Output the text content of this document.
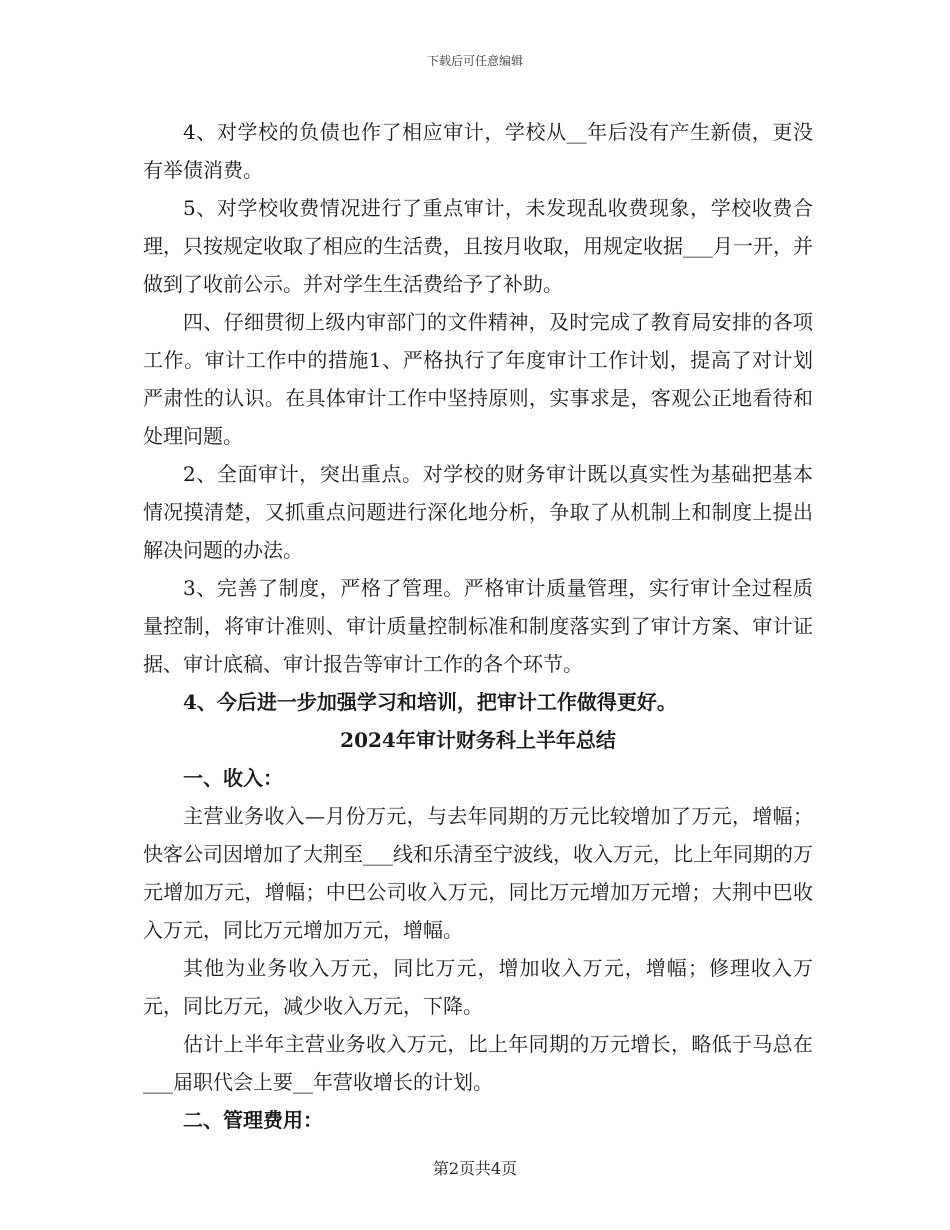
下载后可任意编辑

4、对学校的负债也作了相应审计，学校从__年后没有产生新债，更没有举债消费。

5、对学校收费情况进行了重点审计，未发现乱收费现象，学校收费合理，只按规定收取了相应的生活费，且按月收取，用规定收据___月一开，并做到了收前公示。并对学生生活费给予了补助。

四、仔细贯彻上级内审部门的文件精神，及时完成了教育局安排的各项工作。审计工作中的措施1、严格执行了年度审计工作计划，提高了对计划严肃性的认识。在具体审计工作中坚持原则，实事求是，客观公正地看待和处理问题。

2、全面审计，突出重点。对学校的财务审计既以真实性为基础把基本情况摸清楚，又抓重点问题进行深化地分析，争取了从机制上和制度上提出解决问题的办法。

3、完善了制度，严格了管理。严格审计质量管理，实行审计全过程质量控制，将审计准则、审计质量控制标准和制度落实到了审计方案、审计证据、审计底稿、审计报告等审计工作的各个环节。

4、今后进一步加强学习和培训，把审计工作做得更好。

2024年审计财务科上半年总结

一、收入：

主营业务收入—月份万元，与去年同期的万元比较增加了万元，增幅；快客公司因增加了大荆至___线和乐清至宁波线，收入万元，比上年同期的万元增加万元，增幅；中巴公司收入万元，同比万元增加万元增；大荆中巴收入万元，同比万元增加万元，增幅。

其他为业务收入万元，同比万元，增加收入万元，增幅；修理收入万元，同比万元，减少收入万元，下降。

估计上半年主营业务收入万元，比上年同期的万元增长，略低于马总在___届职代会上要__年营收增长的计划。

二、管理费用：

第2页共4页
